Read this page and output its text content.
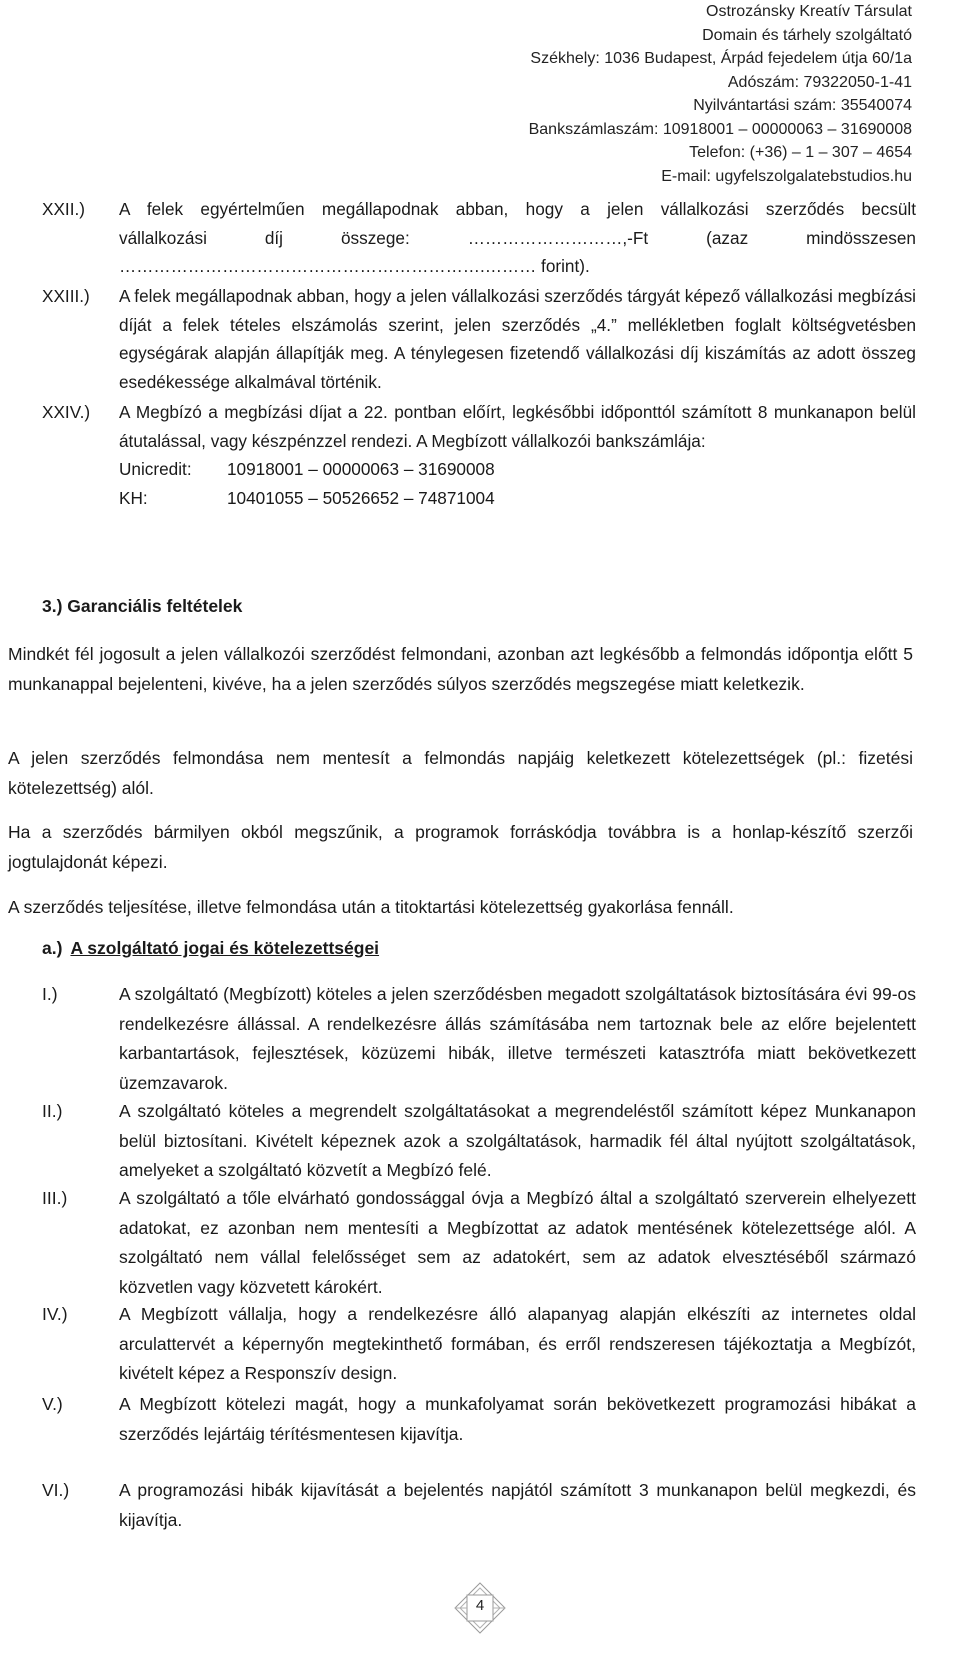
Ostrozánsky Kreatív Társulat
Domain és tárhely szolgáltató
Székhely: 1036 Budapest, Árpád fejedelem útja 60/1a
Adószám: 79322050-1-41
Nyilvántartási szám: 35540074
Bankszámlaszám: 10918001 – 00000063 – 31690008
Telefon: (+36) – 1 – 307 – 4654
E-mail: ugyfelszolgalatebstudios.hu
XXII.) A felek egyértelműen megállapodnak abban, hogy a jelen vállalkozási szerződés becsült
vállalkozási díj összege: ………………………,-Ft (azaz mindösszesen
……………………………………………………….……… forint).
XXIII.) A felek megállapodnak abban, hogy a jelen vállalkozási szerződés tárgyát képező vállalkozási megbízási díját a felek tételes elszámolás szerint, jelen szerződés „4.” mellékletben foglalt költségvetésben egységárak alapján állapítják meg. A ténylegesen fizetendő vállalkozási díj kiszámítás az adott összeg esedékessége alkalmával történik.
XXIV.) A Megbízó a megbízási díjat a 22. pontban előírt, legkésőbbi időponttól számított 8 munkanapon belül átutalással, vagy készpénzzel rendezi. A Megbízott vállalkozói bankszámlája:
Unicredit:	10918001 – 00000063 – 31690008
KH:	10401055 – 50526652 – 74871004
3.) Garanciális feltételek
Mindkét fél jogosult a jelen vállalkozói szerződést felmondani, azonban azt legkésőbb a felmondás időpontja előtt 5 munkanappal bejelenteni, kivéve, ha a jelen szerződés súlyos szerződés megszegése miatt keletkezik.
A jelen szerződés felmondása nem mentesít a felmondás napjáig keletkezett kötelezettségek (pl.: fizetési kötelezettség) alól.
Ha a szerződés bármilyen okból megszűnik, a programok forráskódja továbbra is a honlap-készítő szerzői jogtulajdonát képezi.
A szerződés teljesítése, illetve felmondása után a titoktartási kötelezettség gyakorlása fennáll.
a.) A szolgáltató jogai és kötelezettségei
I.)	A szolgáltató (Megbízott) köteles a jelen szerződésben megadott szolgáltatások biztosítására évi 99-os rendelkezésre állással. A rendelkezésre állás számításába nem tartoznak bele az előre bejelentett karbantartások, fejlesztések, közüzemi hibák, illetve természeti katasztrófa miatt bekövetkezett üzemzavarok.
II.)	A szolgáltató köteles a megrendelt szolgáltatásokat a megrendeléstől számított képez Munkanapon belül biztosítani. Kivételt képeznek azok a szolgáltatások, harmadik fél által nyújtott szolgáltatások, amelyeket a szolgáltató közvetít a Megbízó felé.
III.)	A szolgáltató a tőle elvárható gondossággal óvja a Megbízó által a szolgáltató szerverein elhelyezett adatokat, ez azonban nem mentesíti a Megbízottat az adatok mentésének kötelezettsége alól. A szolgáltató nem vállal felelősséget sem az adatokért, sem az adatok elvesztéséből származó közvetlen vagy közvetett károkért.
IV.)	A Megbízott vállalja, hogy a rendelkezésre álló alapanyag alapján elkészíti az internetes oldal arculattervét a képernyőn megtekinthető formában, és erről rendszeresen tájékoztatja a Megbízót, kivételt képez a Responszív design.
V.)	A Megbízott kötelezi magát, hogy a munkafolyamat során bekövetkezett programozási hibákat a szerződés lejártáig térítésmentesen kijavítja.
VI.)	A programozási hibák kijavítását a bejelentés napjától számított 3 munkanapon belül megkezdi, és kijavítja.
4
